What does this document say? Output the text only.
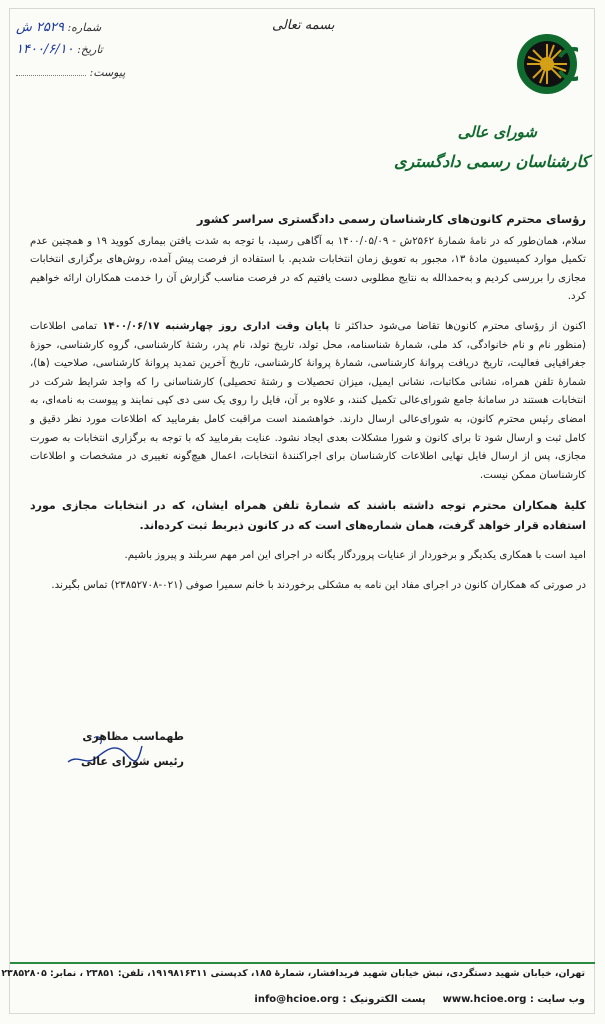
شماره: ۲۵۲۹ ش
تاریخ: ۱۴۰۰/۶/۱۰
پیوست:
بسمه تعالی
شورای عالی
کارشناسان رسمی دادگستری

رؤسای محترم کانون‌های کارشناسان رسمی دادگستری سراسر کشور

سلام، همان‌طور که در نامهٔ شمارهٔ ۲۵۶۲ش - ۱۴۰۰/۰۵/۰۹ به آگاهی رسید، با توجه به شدت یافتن بیماری کووید ۱۹ و همچنین عدم تکمیل موارد کمیسیون مادهٔ ۱۳، مجبور به تعویق زمان انتخابات شدیم. با استفاده از فرصت پیش آمده، روش‌های برگزاری انتخابات مجازی را بررسی کردیم و به‌حمدالله به نتایج مطلوبی دست یافتیم که در فرصت مناسب گزارش آن را خدمت همکاران ارائه خواهیم کرد.

اکنون از رؤسای محترم کانون‌ها تقاضا می‌شود حداکثر تا پایان وقت اداری روز چهارشنبه ۱۴۰۰/۰۶/۱۷ تمامی اطلاعات (منظور نام و نام خانوادگی، کد ملی، شمارهٔ شناسنامه، محل تولد، تاریخ تولد، نام پدر، رشتهٔ کارشناسی، گروه کارشناسی، حوزهٔ جغرافیایی فعالیت، تاریخ دریافت پروانهٔ کارشناسی، شمارهٔ پروانهٔ کارشناسی، تاریخ آخرین تمدید پروانهٔ کارشناسی، صلاحیت (ها)، شمارهٔ تلفن همراه، نشانی مکاتبات، نشانی ایمیل، میزان تحصیلات و رشتهٔ تحصیلی) کارشناسانی را که واجد شرایط شرکت در انتخابات هستند در سامانهٔ جامع شورای‌عالی تکمیل کنند، و علاوه بر آن، فایل را روی یک سی دی کپی نمایند و پیوست به نامه‌ای، به امضای رئیس محترم کانون، به شورای‌عالی ارسال دارند. خواهشمند است مراقبت کامل بفرمایید که اطلاعات مورد نظر دقیق و کامل ثبت و ارسال شود تا برای کانون و شورا مشکلات بعدی ایجاد نشود. عنایت بفرمایید که با توجه به برگزاری انتخابات به صورت مجازی، پس از ارسال فایل نهایی اطلاعات کارشناسان برای اجراکنندهٔ انتخابات، اعمال هیچ‌گونه تغییری در مشخصات و اطلاعات کارشناسان ممکن نیست.

کلیهٔ همکاران محترم توجه داشته باشند که شمارهٔ تلفن همراه ایشان، که در انتخابات مجازی مورد استفاده قرار خواهد گرفت، همان شماره‌های است که در کانون ذیربط ثبت کرده‌اند.

امید است با همکاری یکدیگر و برخوردار از عنایات پروردگار یگانه در اجرای این امر مهم سربلند و پیروز باشیم.

در صورتی که همکاران کانون در اجرای مفاد این نامه به مشکلی برخوردند با خانم سمیرا صوفی (۰۲۱-۲۳۸۵۲۷۰۸) تماس بگیرند.

طهماسب مظاهری
رئیس شورای عالی
تهران، خیابان شهید دستگردی، نبش خیابان شهید فریدافشار، شمارهٔ ۱۸۵، کدپستی ۱۹۱۹۸۱۶۳۱۱، تلفن: ۲۳۸۵۱ ، نمابر: ۲۳۸۵۲۸۰۵
وب سایت : www.hcioe.org  پست الکترونیک : info@hcioe.org
